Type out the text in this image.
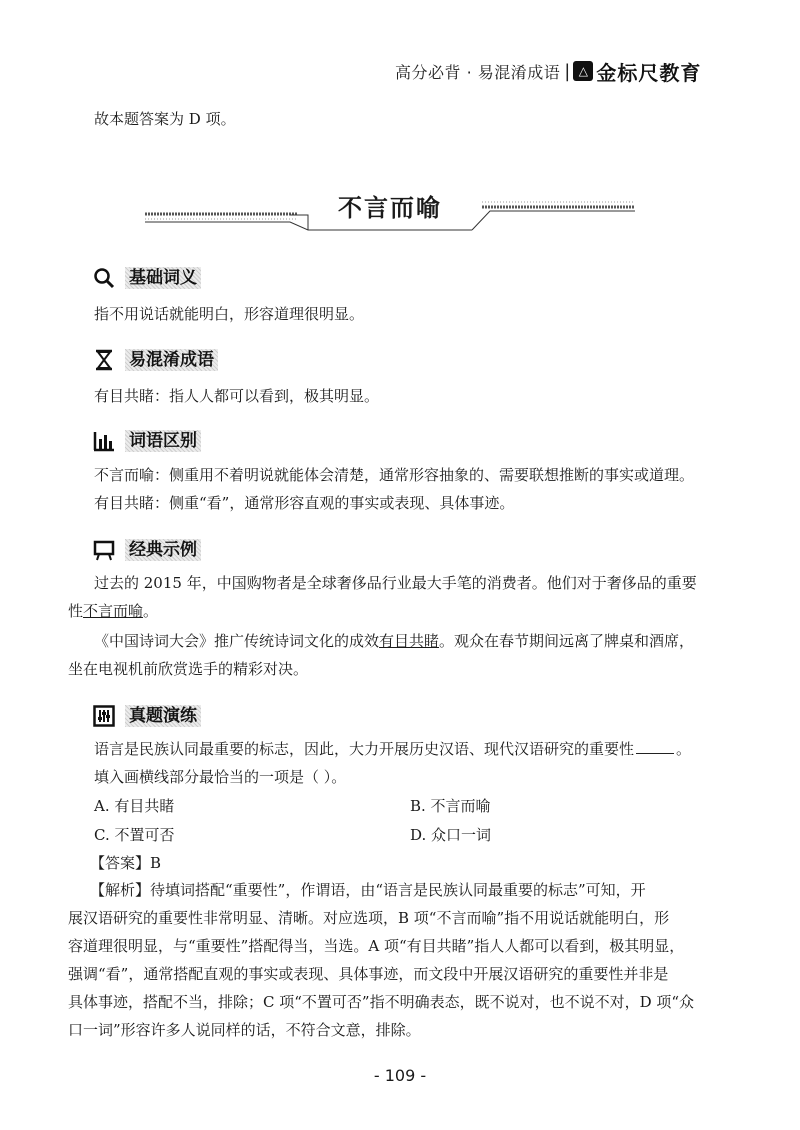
高分必背 · 易混淆成语 | △ 金标尺教育
故本题答案为 D 项。
不言而喻
基础词义
指不用说话就能明白，形容道理很明显。
易混淆成语
有目共睹：指人人都可以看到，极其明显。
词语区别
不言而喻：侧重用不着明说就能体会清楚，通常形容抽象的、需要联想推断的事实或道理。
有目共睹：侧重“看”，通常形容直观的事实或表现、具体事迹。
经典示例
过去的 2015 年，中国购物者是全球奢侈品行业最大手笔的消费者。他们对于奢侈品的重要
性不言而喻。
《中国诗词大会》推广传统诗词文化的成效有目共睹。观众在春节期间远离了牌桌和酒席，
坐在电视机前欣赏选手的精彩对决。
真题演练
语言是民族认同最重要的标志，因此，大力开展历史汉语、现代汉语研究的重要性	。
填入画横线部分最恰当的一项是（ ）。
A. 有目共睹	B. 不言而喻
C. 不置可否	D. 众口一词
【答案】B
【解析】待填词搭配“重要性”，作谓语，由“语言是民族认同最重要的标志”可知，开
展汉语研究的重要性非常明显、清晰。对应选项，B 项“不言而喻”指不用说话就能明白，形
容道理很明显，与“重要性”搭配得当，当选。A 项“有目共睹”指人人都可以看到，极其明显，
强调“看”，通常搭配直观的事实或表现、具体事迹，而文段中开展汉语研究的重要性并非是
具体事迹，搭配不当，排除；C 项“不置可否”指不明确表态，既不说对，也不说不对，D 项“众
口一词”形容许多人说同样的话，不符合文意，排除。
- 109 -
